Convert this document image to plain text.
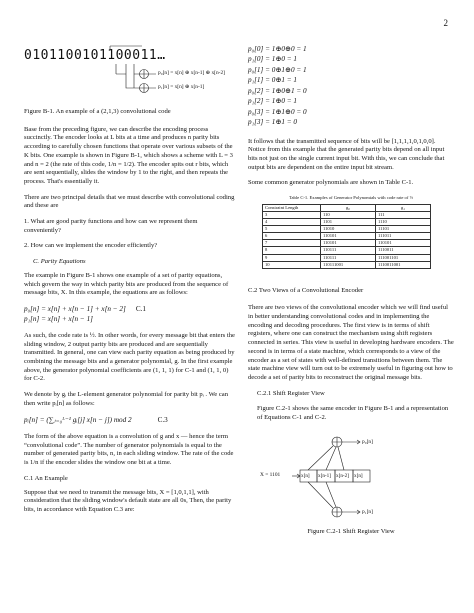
2
0101100101100011…
p₀[n] = x[n] ⊕ x[n-1] ⊕ x[n-2]
p₁[n] = x[n] ⊕ x[n-1]
Figure B-1. An example of a (2,1,3) convolutional code
Base from the preceding figure, we can describe the encoding process succinctly. The encoder looks at L bits at a time and produces n parity bits according to carefully chosen functions that operate over various subsets of the K bits. One example is shown in Figure B-1, which shows a scheme with L = 3 and n = 2 (the rate of this code, 1/n = 1/2). The encoder spits out r bits, which are sent sequentially, slides the window by 1 to the right, and then repeats the process. That's essentially it.
There are two principal details that we must describe with convolutional coding and these are
1. What are good parity functions and how can we represent them conveniently?
2. How can we implement the encoder efficiently?
C. Parity Equations
The example in Figure B-1 shows one example of a set of parity equations, which govern the way in which parity bits are produced from the sequence of message bits, X. In this example, the equations are as follows:
p₀[n] = x[n] + x[n − 1] + x[n − 2] C.1
p₁[n] = x[n] + x[n − 1]
As such, the code rate is ½. In other words, for every message bit that enters the sliding window, 2 output parity bits are produced and are sequentially transmitted. In general, one can view each parity equation as being produced by combining the message bits and a generator polynomial, g. In the first example above, the generator polynomial coefficients are (1, 1, 1) for C-1 and (1, 1, 0) for C-2.
We denote by gᵢ the L-element generator polynomial for parity bit pᵢ . We can then write pᵢ[n] as follows:
pᵢ[n] = (∑ⱼ₌₀ᴸ⁻¹ gᵢ[j] x[n − j]) mod 2	C.3
The form of the above equation is a convolution of g and x — hence the term “convolutional code”. The number of generator polynomials is equal to the number of generated parity bits, n, in each sliding window. The rate of the code is 1/n if the encoder slides the window one bit at a time.
C.1 An Example
Suppose that we need to transmit the message bits, X = [1,0,1,1], with consideration that the sliding window's default state are all 0s, Then, the parity bits, in accordance with Equation C.3 are:
p₀[0] = 1⊕0⊕0 = 1
p₁[0] = 1⊕0 = 1
p₀[1] = 0⊕1⊕0 = 1
p₁[1] = 0⊕1 = 1
p₀[2] = 1⊕0⊕1 = 0
p₁[2] = 1⊕0 = 1
p₀[3] = 1⊕1⊕0 = 0
p₁[3] = 1⊕1 = 0
It follows that the transmitted sequence of bits will be [1,1,1,1,0,1,0,0]. Notice from this example that the generated parity bits depend on all input bits not just on the single current input bit. With this, we can conclude that output bits are dependent on the entire input bit stream.
Some common generator polynomials are shown in Table C-1.
Table C-1. Examples of Generator Polynomials with code rate of ½
Constraint Length	g₀	g₁
3	110	111
4	1101	1110
5	11010	11101
6	110101	111011
7	110101	110101
8	110111	1110011
9	110111	111001101
10	110111001	1110011001
C.2 Two Views of a Convolutional Encoder
There are two views of the convolutional encoder which we will find useful in better understanding convolutional codes and in implementing the encoding and decoding procedures. The first view is in terms of shift registers, where one can construct the mechanism using shift registers connected in series. This view is useful in developing hardware encoders. The second is in terms of a state machine, which corresponds to a view of the encoder as a set of states with well-defined transitions between them. The state machine view will turn out to be extremely useful in figuring out how to decode a set of parity bits to reconstruct the original message bits.
C.2.1 Shift Register View
Figure C.2-1 shows the same encoder in Figure B-1 and a representation of Equations C-1 and C-2.
X = 1101	x[n] x[n-1] x[n-2] x[n]
p₀[n]
p₁[n]
Figure C.2-1 Shift Register View
